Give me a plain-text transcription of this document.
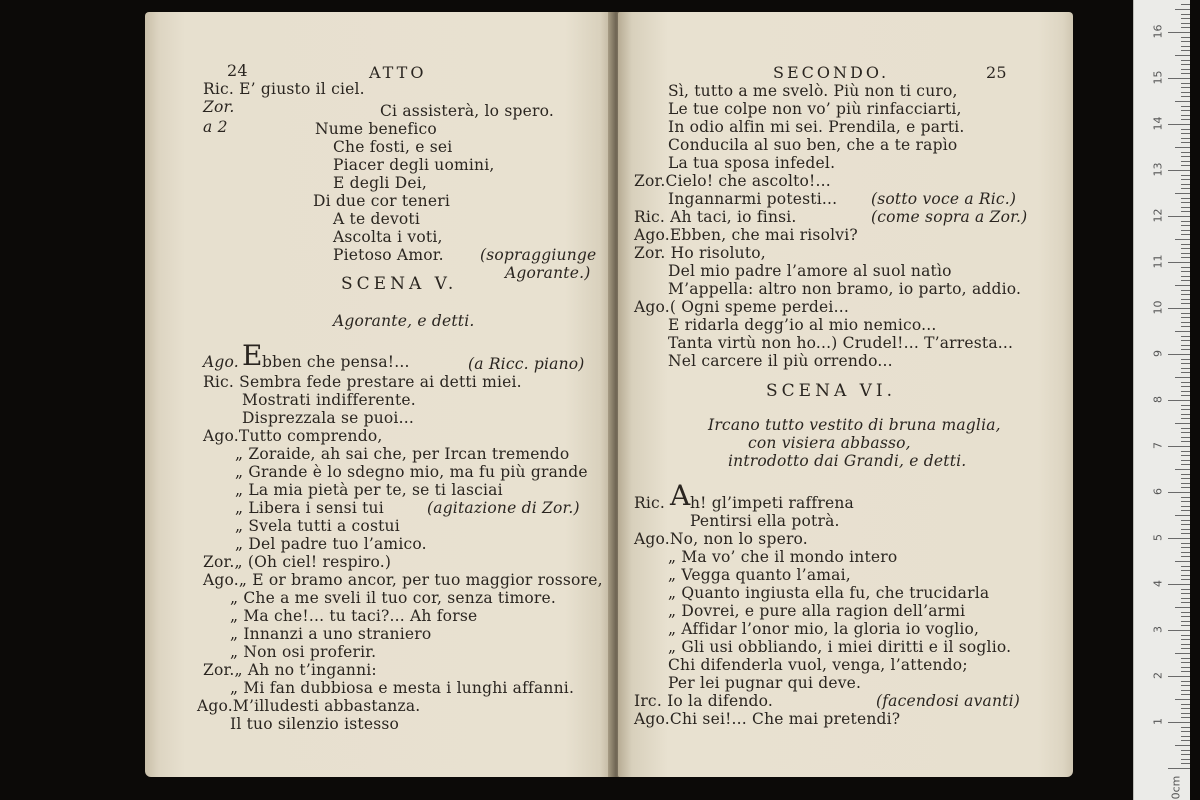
24	ATTO
Ric. E’ giusto il ciel.
Zor.	Ci assisterà, lo spero.
a 2	Nume benefico
Che fosti, e sei
Piacer degli uomini,
E degli Dei,
Di due cor teneri
A te devoti
Ascolta i voti,
Pietoso Amor. (sopraggiunge
Agorante.)
SCENA V.
Agorante, e detti.
Ago. E bben che pensa!...	(a Ricc. piano)
Ric. Sembra fede prestare ai detti miei.
Mostrati indifferente.
Disprezzala se puoi...
Ago.Tutto comprendo,
„ Zoraide, ah sai che, per Ircan tremendo
„ Grande è lo sdegno mio, ma fu più grande
„ La mia pietà per te, se ti lasciai
„ Libera i sensi tui	(agitazione di Zor.)
„ Svela tutti a costui
„ Del padre tuo l’amico.
Zor.„ (Oh ciel! respiro.)
Ago.„ E or bramo ancor, per tuo maggior rossore,
„ Che a me sveli il tuo cor, senza timore.
„ Ma che!... tu taci?... Ah forse
„ Innanzi a uno straniero
„ Non osi proferir.
Zor.„ Ah no t’inganni:
„ Mi fan dubbiosa e mesta i lunghi affanni.
Ago.M’illudesti abbastanza.
Il tuo silenzio istesso
SECONDO.	25
Sì, tutto a me svelò. Più non ti curo,
Le tue colpe non vo’ più rinfacciarti,
In odio alfin mi sei. Prendila, e parti.
Conducila al suo ben, che a te rapìo
La tua sposa infedel.
Zor.Cielo! che ascolto!...
Ingannarmi potesti... (sotto voce a Ric.)
Ric. Ah taci, io finsi.	(come sopra a Zor.)
Ago.Ebben, che mai risolvi?
Zor. Ho risoluto,
Del mio padre l’amore al suol natìo
M’appella: altro non bramo, io parto, addio.
Ago.( Ogni speme perdei...
E ridarla degg’io al mio nemico...
Tanta virtù non ho...) Crudel!... T’arresta...
Nel carcere il più orrendo...
SCENA VI.
Ircano tutto vestito di bruna maglia,
con visiera abbasso,
introdotto dai Grandi, e detti.
Ric. A h! gl’impeti raffrena
Pentirsi ella potrà.
Ago.No, non lo spero.
„ Ma vo’ che il mondo intero
„ Vegga quanto l’amai,
„ Quanto ingiusta ella fu, che trucidarla
„ Dovrei, e pure alla ragion dell’armi
„ Affidar l’onor mio, la gloria io voglio,
„ Gli usi obbliando, i miei diritti e il soglio.
Chi difenderla vuol, venga, l’attendo;
Per lei pugnar qui deve.
Irc. Io la difendo.	(facendosi avanti)
Ago.Chi sei!... Che mai pretendi?
0cm
1
2
3
4
5
6
7
8
9
10
11
12
13
14
15
16
